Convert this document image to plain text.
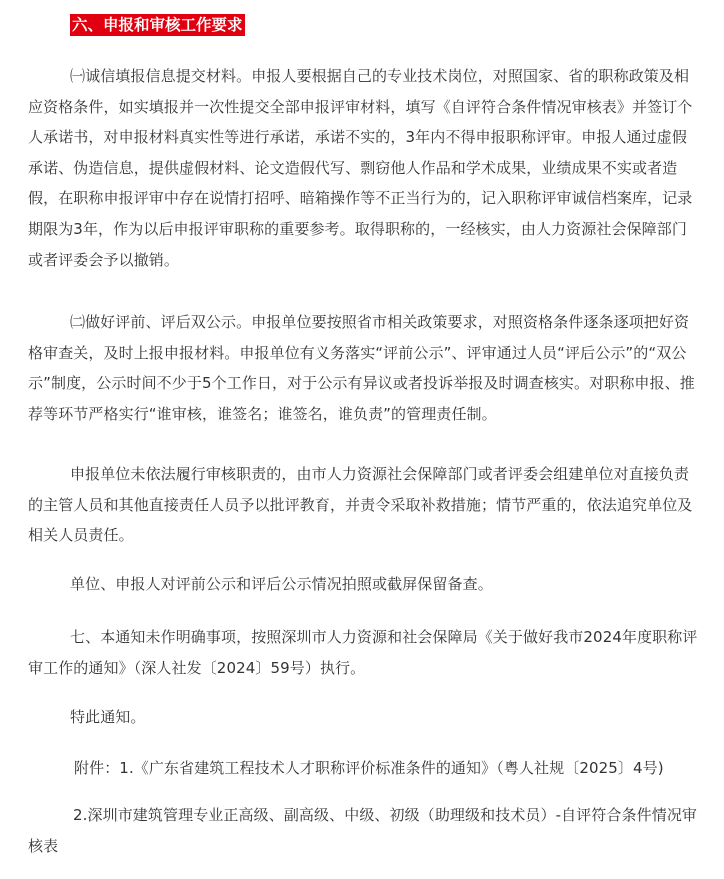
六、申报和审核工作要求

㈠诚信填报信息提交材料。申报人要根据自己的专业技术岗位，对照国家、省的职称政策及相应资格条件，如实填报并一次性提交全部申报评审材料，填写《自评符合条件情况审核表》并签订个人承诺书，对申报材料真实性等进行承诺，承诺不实的，3年内不得申报职称评审。申报人通过虚假承诺、伪造信息，提供虚假材料、论文造假代写、剽窃他人作品和学术成果，业绩成果不实或者造假，在职称申报评审中存在说情打招呼、暗箱操作等不正当行为的，记入职称评审诚信档案库，记录期限为3年，作为以后申报评审职称的重要参考。取得职称的，一经核实，由人力资源社会保障部门或者评委会予以撤销。

㈡做好评前、评后双公示。申报单位要按照省市相关政策要求，对照资格条件逐条逐项把好资格审查关，及时上报申报材料。申报单位有义务落实“评前公示”、评审通过人员“评后公示”的“双公示”制度，公示时间不少于5个工作日，对于公示有异议或者投诉举报及时调查核实。对职称申报、推荐等环节严格实行“谁审核，谁签名；谁签名，谁负责”的管理责任制。

申报单位未依法履行审核职责的，由市人力资源社会保障部门或者评委会组建单位对直接负责的主管人员和其他直接责任人员予以批评教育，并责令采取补救措施；情节严重的，依法追究单位及相关人员责任。

单位、申报人对评前公示和评后公示情况拍照或截屏保留备查。

七、本通知未作明确事项，按照深圳市人力资源和社会保障局《关于做好我市2024年度职称评审工作的通知》（深人社发〔2024〕59号）执行。

特此通知。

附件：1.《广东省建筑工程技术人才职称评价标准条件的通知》（粤人社规〔2025〕4号)

2.深圳市建筑管理专业正高级、副高级、中级、初级（助理级和技术员）-自评符合条件情况审核表
